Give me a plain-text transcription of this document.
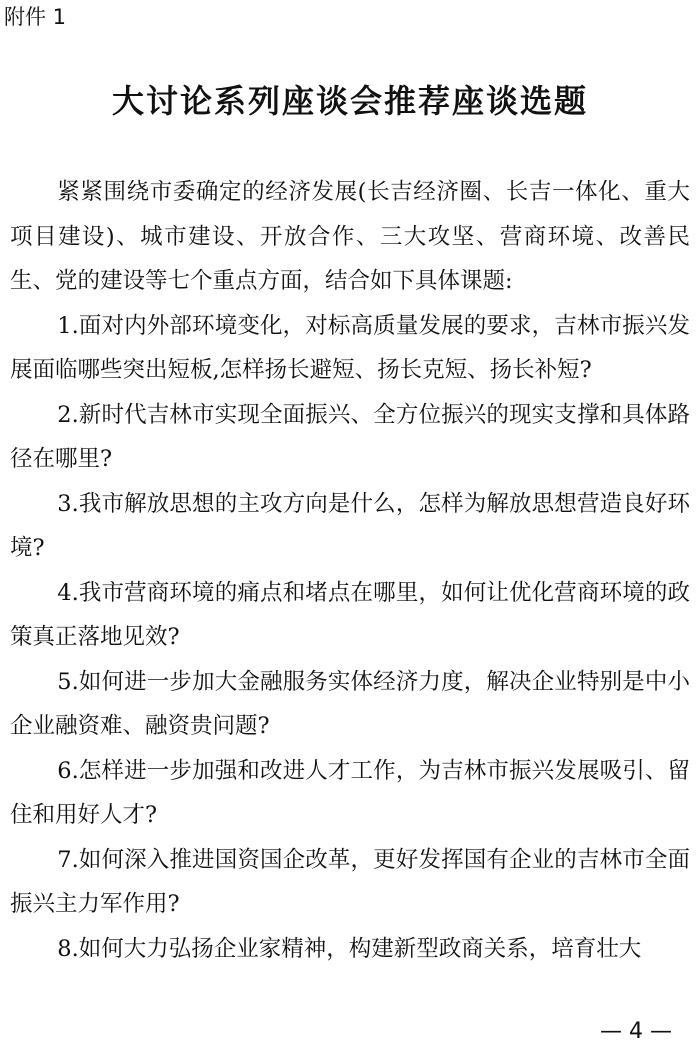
附件 1
大讨论系列座谈会推荐座谈选题

紧紧围绕市委确定的经济发展(长吉经济圈、长吉一体化、重大项目建设)、城市建设、开放合作、三大攻坚、营商环境、改善民生、党的建设等七个重点方面，结合如下具体课题:

1.面对内外部环境变化，对标高质量发展的要求，吉林市振兴发展面临哪些突出短板,怎样扬长避短、扬长克短、扬长补短?

2.新时代吉林市实现全面振兴、全方位振兴的现实支撑和具体路径在哪里?

3.我市解放思想的主攻方向是什么，怎样为解放思想营造良好环境?

4.我市营商环境的痛点和堵点在哪里，如何让优化营商环境的政策真正落地见效?

5.如何进一步加大金融服务实体经济力度，解决企业特别是中小企业融资难、融资贵问题?

6.怎样进一步加强和改进人才工作，为吉林市振兴发展吸引、留住和用好人才?

7.如何深入推进国资国企改革，更好发挥国有企业的吉林市全面振兴主力军作用?

8.如何大力弘扬企业家精神，构建新型政商关系，培育壮大

— 4 —
